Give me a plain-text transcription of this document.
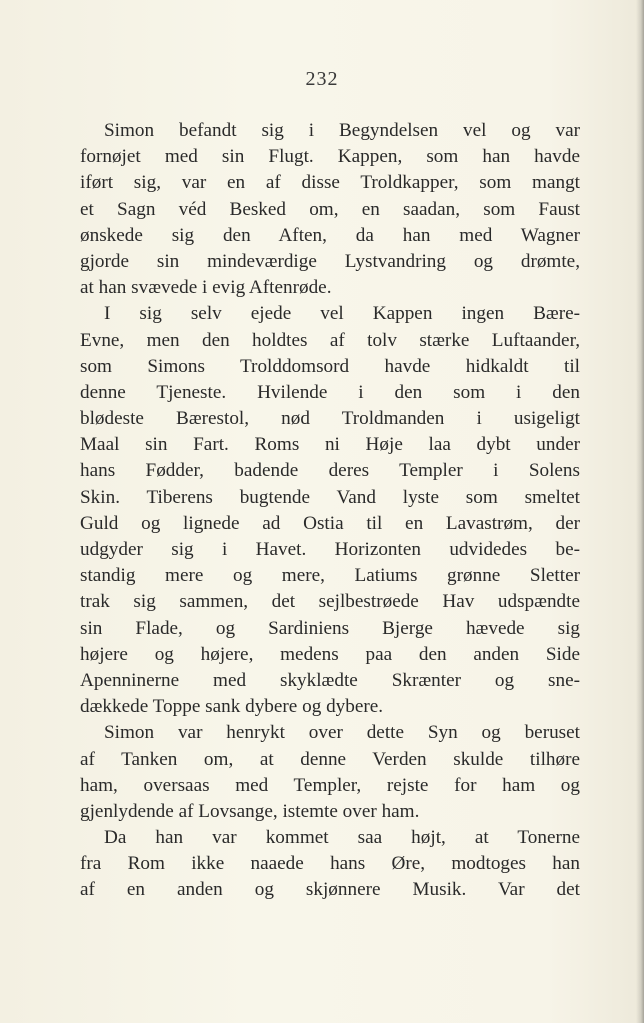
232
Simon befandt sig i Begyndelsen vel og var
fornøjet med sin Flugt. Kappen, som han havde
iført sig, var en af disse Troldkapper, som mangt
et Sagn véd Besked om, en saadan, som Faust
ønskede sig den Aften, da han med Wagner
gjorde sin mindeværdige Lystvandring og drømte,
at han svævede i evig Aftenrøde.
I sig selv ejede vel Kappen ingen Bære-
Evne, men den holdtes af tolv stærke Luftaander,
som Simons Trolddomsord havde hidkaldt til
denne Tjeneste. Hvilende i den som i den
blødeste Bærestol, nød Troldmanden i usigeligt
Maal sin Fart. Roms ni Høje laa dybt under
hans Fødder, badende deres Templer i Solens
Skin. Tiberens bugtende Vand lyste som smeltet
Guld og lignede ad Ostia til en Lavastrøm, der
udgyder sig i Havet. Horizonten udvidedes be-
standig mere og mere, Latiums grønne Sletter
trak sig sammen, det sejlbestrøede Hav udspændte
sin Flade, og Sardiniens Bjerge hævede sig
højere og højere, medens paa den anden Side
Apenninerne med skyklædte Skrænter og sne-
dækkede Toppe sank dybere og dybere.
Simon var henrykt over dette Syn og beruset
af Tanken om, at denne Verden skulde tilhøre
ham, oversaas med Templer, rejste for ham og
gjenlydende af Lovsange, istemte over ham.
Da han var kommet saa højt, at Tonerne
fra Rom ikke naaede hans Øre, modtoges han
af en anden og skjønnere Musik. Var det
